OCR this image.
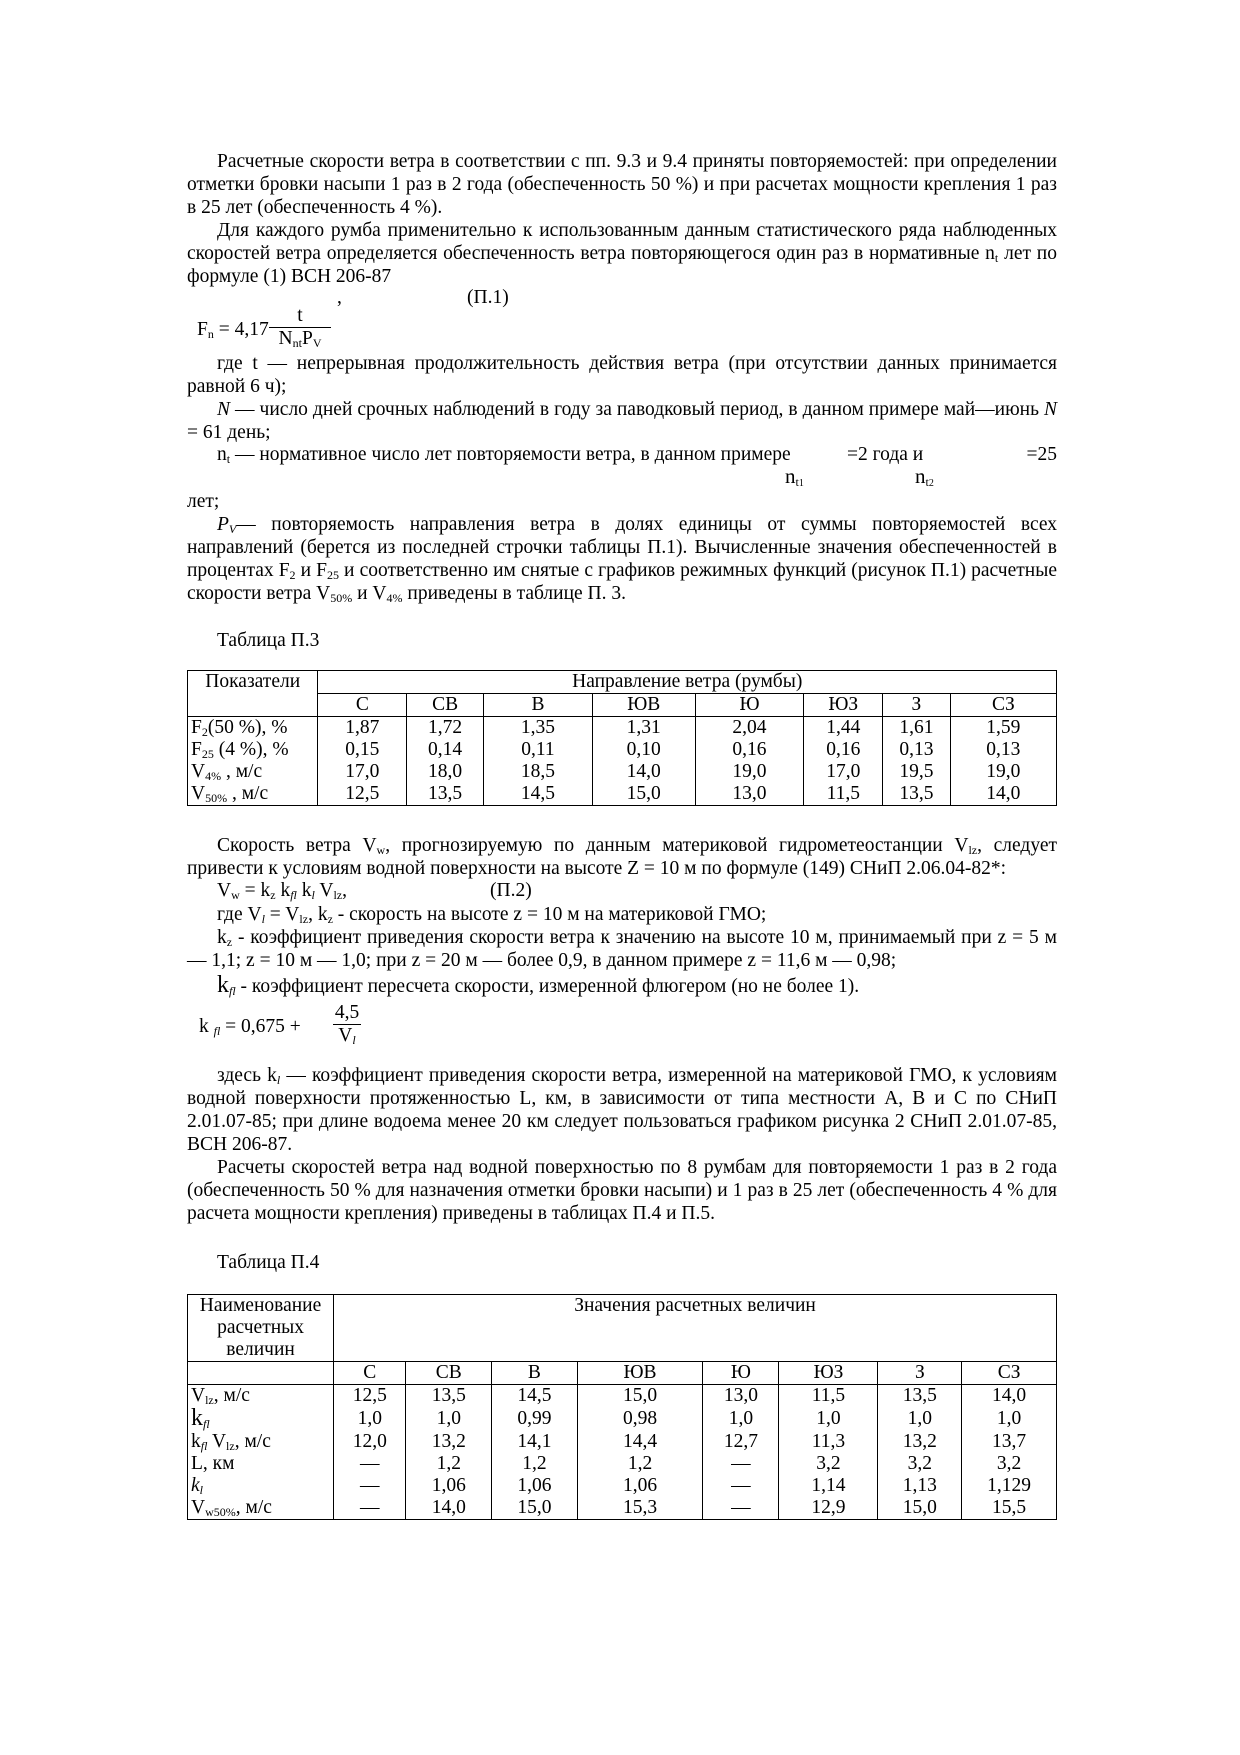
Расчетные скорости ветра в соответствии с пп. 9.3 и 9.4 приняты повторяемостей: при определении отметки бровки насыпи 1 раз в 2 года (обеспеченность 50 %) и при расчетах мощности крепления 1 раз в 25 лет (обеспеченность 4 %).

Для каждого румба применительно к использованным данным статистического ряда наблюденных скоростей ветра определяется обеспеченность ветра повторяющегося один раз в нормативные $n_t$ лет по формуле (1) ВСН 206-87

,	(П.1)
$F_n = 4,17$
t
$N_{nt}P_V$

где t — непрерывная продолжительность действия ветра (при отсутствии данных принимается равной 6 ч);

N — число дней срочных наблюдений в году за паводковый период, в данном примере май—июнь N = 61 день;

$n_t$ — нормативное число лет повторяемости ветра, в данном примере	=2 года и	=25
$n_{t1}$	$n_{t2}$

лет;

$P_V—$ повторяемость направления ветра в долях единицы от суммы повторяемостей всех направлений (берется из последней строчки таблицы П.1). Вычисленные значения обеспеченностей в процентах $F_2$ и $F_{25}$ и соответственно им снятые с графиков режимных функций (рисунок П.1) расчетные скорости ветра $V_{50\%}$ и $V_{4\%}$ приведены в таблице П. 3.

Таблица П.3
Показатели	Направление ветра (румбы)							
	С	СВ	В	ЮВ	Ю	ЮЗ	З	СЗ
$F_2(50$ %), %	1,87	1,72	1,35	1,31	2,04	1,44	1,61	1,59
$F_{25}$ (4 %), %	0,15	0,14	0,11	0,10	0,16	0,16	0,13	0,13
$V_{4\%}$ , м/с	17,0	18,0	18,5	14,0	19,0	17,0	19,5	19,0
$V_{50\%}$ , м/с	12,5	13,5	14,5	15,0	13,0	11,5	13,5	14,0

Скорость ветра $V_w$, прогнозируемую по данным материковой гидрометеостанции $V_{lz}$, следует привести к условиям водной поверхности на высоте Z = 10 м по формуле (149) СНиП 2.06.04-82*:

$V_w = k_z$ $k_{fl}$ $k_l$ $V_{lz}$,	(П.2)

где $V_l = V_{lz}$, $k_z$ - скорость на высоте z = 10 м на материковой ГМО;

$k_z$ - коэффициент приведения скорости ветра к значению на высоте 10 м, принимаемый при z = 5 м — 1,1; z = 10 м — 1,0; при z = 20 м — более 0,9, в данном примере z = 11,6 м — 0,98;

$k_{fl}$ - коэффициент пересчета скорости, измеренной флюгером (но не более 1).

k $_{fl} = 0,675 + \frac{4,5}{V_l}$

здесь $k_l$ — коэффициент приведения скорости ветра, измеренной на материковой ГМО, к условиям водной поверхности протяженностью L, км, в зависимости от типа местности А, В и С по СНиП 2.01.07-85; при длине водоема менее 20 км следует пользоваться графиком рисунка 2 СНиП 2.01.07-85, ВСН 206-87.

Расчеты скоростей ветра над водной поверхностью по 8 румбам для повторяемости 1 раз в 2 года (обеспеченность 50 % для назначения отметки бровки насыпи) и 1 раз в 25 лет (обеспеченность 4 % для расчета мощности крепления) приведены в таблицах П.4 и П.5.

Таблица П.4
Наименование расчетных величин	Значения расчетных величин							
	С	СВ	В	ЮВ	Ю	ЮЗ	З	СЗ
$V_{lz}$, м/с	12,5	13,5	14,5	15,0	13,0	11,5	13,5	14,0
$k_{fl}$	1,0	1,0	0,99	0,98	1,0	1,0	1,0	1,0
$k_{fl}$ $V_{lz}$, м/с	12,0	13,2	14,1	14,4	12,7	11,3	13,2	13,7
L, км	—	1,2	1,2	1,2	—	3,2	3,2	3,2
$k_l$	—	1,06	1,06	1,06	—	1,14	1,13	1,129
$V_{w50\%}$, м/с	—	14,0	15,0	15,3	—	12,9	15,0	15,5
